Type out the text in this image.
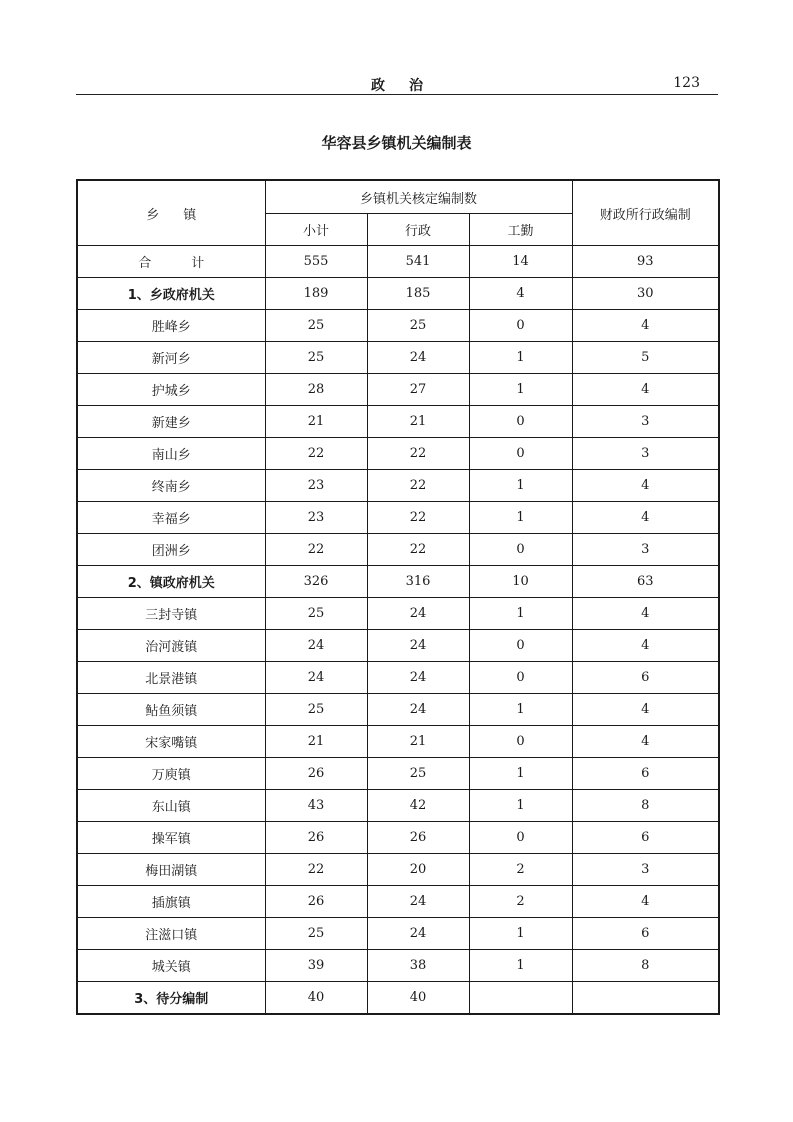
政治	123
华容县乡镇机关编制表
乡镇	乡镇机关核定编制数			财政所行政编制
	小计	行政	工勤	
合计	555	541	14	93
1、乡政府机关	189	185	4	30
胜峰乡	25	25	0	4
新河乡	25	24	1	5
护城乡	28	27	1	4
新建乡	21	21	0	3
南山乡	22	22	0	3
终南乡	23	22	1	4
幸福乡	23	22	1	4
团洲乡	22	22	0	3
2、镇政府机关	326	316	10	63
三封寺镇	25	24	1	4
治河渡镇	24	24	0	4
北景港镇	24	24	0	6
鲇鱼须镇	25	24	1	4
宋家嘴镇	21	21	0	4
万庾镇	26	25	1	6
东山镇	43	42	1	8
操军镇	26	26	0	6
梅田湖镇	22	20	2	3
插旗镇	26	24	2	4
注滋口镇	25	24	1	6
城关镇	39	38	1	8
3、待分编制	40	40		
